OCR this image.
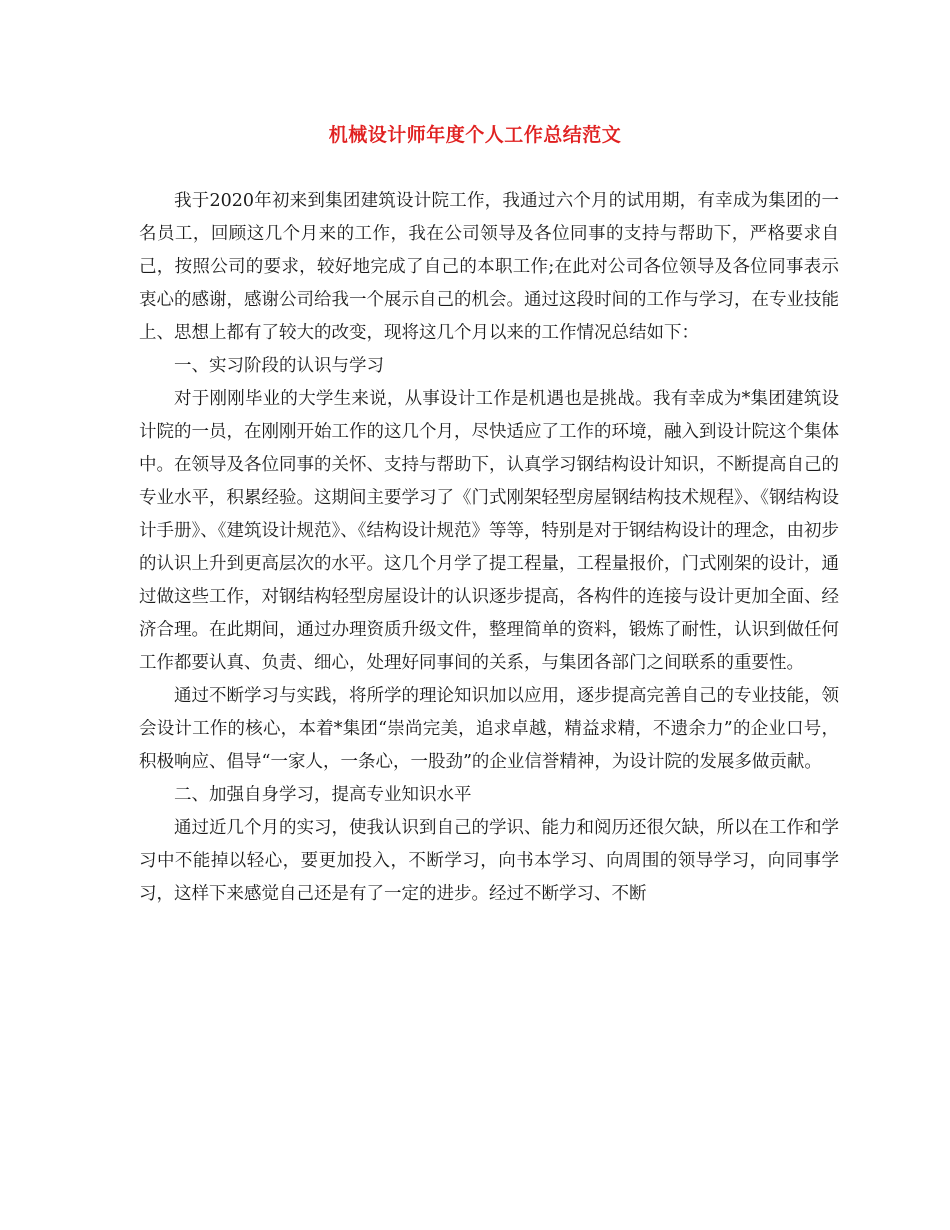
机械设计师年度个人工作总结范文

我于2020年初来到集团建筑设计院工作，我通过六个月的试用期，有幸成为集团的一名员工，回顾这几个月来的工作，我在公司领导及各位同事的支持与帮助下，严格要求自己，按照公司的要求，较好地完成了自己的本职工作;在此对公司各位领导及各位同事表示衷心的感谢，感谢公司给我一个展示自己的机会。通过这段时间的工作与学习，在专业技能上、思想上都有了较大的改变，现将这几个月以来的工作情况总结如下：

一、实习阶段的认识与学习

对于刚刚毕业的大学生来说，从事设计工作是机遇也是挑战。我有幸成为*集团建筑设计院的一员，在刚刚开始工作的这几个月，尽快适应了工作的环境，融入到设计院这个集体中。在领导及各位同事的关怀、支持与帮助下，认真学习钢结构设计知识，不断提高自己的专业水平，积累经验。这期间主要学习了《门式刚架轻型房屋钢结构技术规程》、《钢结构设计手册》、《建筑设计规范》、《结构设计规范》等等，特别是对于钢结构设计的理念，由初步的认识上升到更高层次的水平。这几个月学了提工程量，工程量报价，门式刚架的设计，通过做这些工作，对钢结构轻型房屋设计的认识逐步提高，各构件的连接与设计更加全面、经济合理。在此期间，通过办理资质升级文件，整理简单的资料，锻炼了耐性，认识到做任何工作都要认真、负责、细心，处理好同事间的关系，与集团各部门之间联系的重要性。

通过不断学习与实践，将所学的理论知识加以应用，逐步提高完善自己的专业技能，领会设计工作的核心，本着*集团“崇尚完美，追求卓越，精益求精，不遗余力”的企业口号，积极响应、倡导“一家人，一条心，一股劲”的企业信誉精神，为设计院的发展多做贡献。

二、加强自身学习，提高专业知识水平

通过近几个月的实习，使我认识到自己的学识、能力和阅历还很欠缺，所以在工作和学习中不能掉以轻心，要更加投入，不断学习，向书本学习、向周围的领导学习，向同事学习，这样下来感觉自己还是有了一定的进步。经过不断学习、不断
